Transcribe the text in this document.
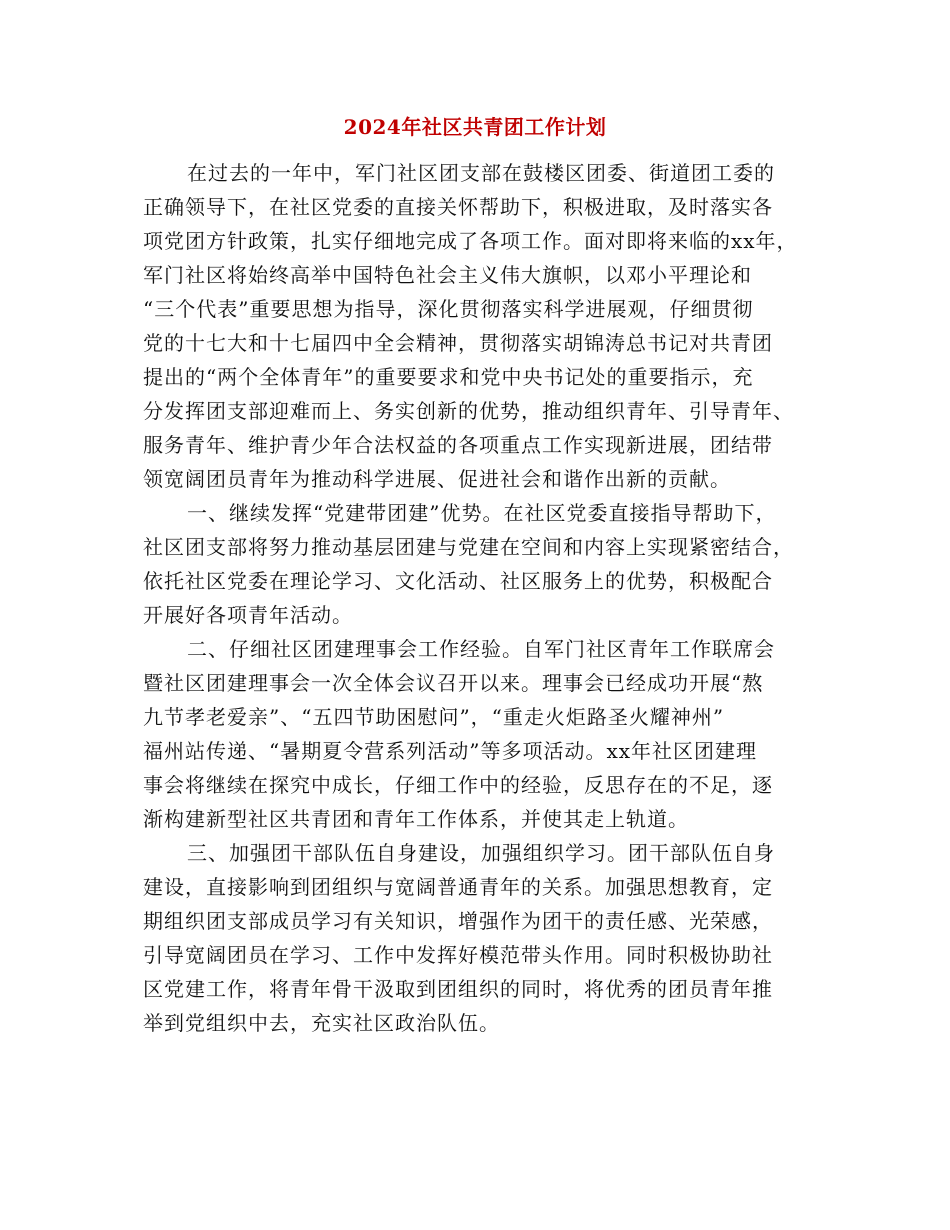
2024年社区共青团工作计划
在过去的一年中，军门社区团支部在鼓楼区团委、街道团工委的
正确领导下，在社区党委的直接关怀帮助下，积极进取，及时落实各
项党团方针政策，扎实仔细地完成了各项工作。面对即将来临的xx年，
军门社区将始终高举中国特色社会主义伟大旗帜，以邓小平理论和
“三个代表”重要思想为指导，深化贯彻落实科学进展观，仔细贯彻
党的十七大和十七届四中全会精神，贯彻落实胡锦涛总书记对共青团
提出的“两个全体青年”的重要要求和党中央书记处的重要指示，充
分发挥团支部迎难而上、务实创新的优势，推动组织青年、引导青年、
服务青年、维护青少年合法权益的各项重点工作实现新进展，团结带
领宽阔团员青年为推动科学进展、促进社会和谐作出新的贡献。
一、继续发挥“党建带团建”优势。在社区党委直接指导帮助下，
社区团支部将努力推动基层团建与党建在空间和内容上实现紧密结合，
依托社区党委在理论学习、文化活动、社区服务上的优势，积极配合
开展好各项青年活动。
二、仔细社区团建理事会工作经验。自军门社区青年工作联席会
暨社区团建理事会一次全体会议召开以来。理事会已经成功开展“熬
九节孝老爱亲”、“五四节助困慰问”，“重走火炬路圣火耀神州”
福州站传递、“暑期夏令营系列活动”等多项活动。xx年社区团建理
事会将继续在探究中成长，仔细工作中的经验，反思存在的不足，逐
渐构建新型社区共青团和青年工作体系，并使其走上轨道。
三、加强团干部队伍自身建设，加强组织学习。团干部队伍自身
建设，直接影响到团组织与宽阔普通青年的关系。加强思想教育，定
期组织团支部成员学习有关知识，增强作为团干的责任感、光荣感，
引导宽阔团员在学习、工作中发挥好模范带头作用。同时积极协助社
区党建工作，将青年骨干汲取到团组织的同时，将优秀的团员青年推
举到党组织中去，充实社区政治队伍。
